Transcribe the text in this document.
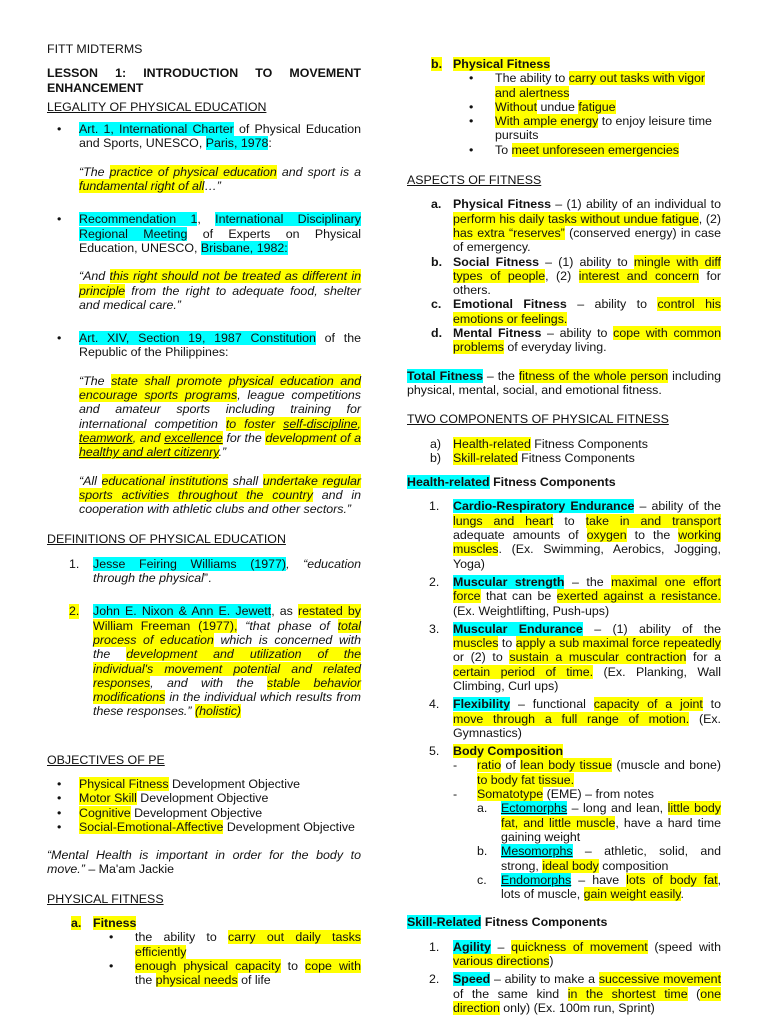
FITT MIDTERMS

LESSON 1: INTRODUCTION TO MOVEMENT ENHANCEMENT

LEGALITY OF PHYSICAL EDUCATION

• Art. 1, International Charter of Physical Education and Sports, UNESCO, Paris, 1978:

“The practice of physical education and sport is a fundamental right of all…”

• Recommendation 1, International Disciplinary Regional Meeting of Experts on Physical Education, UNESCO, Brisbane, 1982:

“And this right should not be treated as different in principle from the right to adequate food, shelter and medical care.”

• Art. XIV, Section 19, 1987 Constitution of the Republic of the Philippines:

“The state shall promote physical education and encourage sports programs, league competitions and amateur sports including training for international competition to foster self-discipline, teamwork, and excellence for the development of a healthy and alert citizenry.”

“All educational institutions shall undertake regular sports activities throughout the country and in cooperation with athletic clubs and other sectors.”

DEFINITIONS OF PHYSICAL EDUCATION

1. Jesse Feiring Williams (1977), “education through the physical”.
2. John E. Nixon & Ann E. Jewett, as restated by William Freeman (1977), “that phase of total process of education which is concerned with the development and utilization of the individual's movement potential and related responses, and with the stable behavior modifications in the individual which results from these responses.” (holistic)

OBJECTIVES OF PE

• Physical Fitness Development Objective
• Motor Skill Development Objective
• Cognitive Development Objective
• Social-Emotional-Affective Development Objective

“Mental Health is important in order for the body to move.” – Ma'am Jackie

PHYSICAL FITNESS

a. Fitness
• the ability to carry out daily tasks efficiently
• enough physical capacity to cope with the physical needs of life
b. Physical Fitness
• The ability to carry out tasks with vigor and alertness
• Without undue fatigue
• With ample energy to enjoy leisure time pursuits
• To meet unforeseen emergencies

ASPECTS OF FITNESS

a. Physical Fitness – (1) ability of an individual to perform his daily tasks without undue fatigue, (2) has extra “reserves” (conserved energy) in case of emergency.
b. Social Fitness – (1) ability to mingle with diff types of people, (2) interest and concern for others.
c. Emotional Fitness – ability to control his emotions or feelings.
d. Mental Fitness – ability to cope with common problems of everyday living.

Total Fitness – the fitness of the whole person including physical, mental, social, and emotional fitness.

TWO COMPONENTS OF PHYSICAL FITNESS

a) Health-related Fitness Components
b) Skill-related Fitness Components

Health-related Fitness Components

1. Cardio-Respiratory Endurance – ability of the lungs and heart to take in and transport adequate amounts of oxygen to the working muscles. (Ex. Swimming, Aerobics, Jogging, Yoga)
2. Muscular strength – the maximal one effort force that can be exerted against a resistance. (Ex. Weightlifting, Push-ups)
3. Muscular Endurance – (1) ability of the muscles to apply a sub maximal force repeatedly or (2) to sustain a muscular contraction for a certain period of time. (Ex. Planking, Wall Climbing, Curl ups)
4. Flexibility – functional capacity of a joint to move through a full range of motion. (Ex. Gymnastics)
5. Body Composition
- ratio of lean body tissue (muscle and bone) to body fat tissue.
- Somatotype (EME) – from notes
a. Ectomorphs – long and lean, little body fat, and little muscle, have a hard time gaining weight
b. Mesomorphs – athletic, solid, and strong, ideal body composition
c. Endomorphs – have lots of body fat, lots of muscle, gain weight easily.

Skill-Related Fitness Components

1. Agility – quickness of movement (speed with various directions)
2. Speed – ability to make a successive movement of the same kind in the shortest time (one direction only) (Ex. 100m run, Sprint)
